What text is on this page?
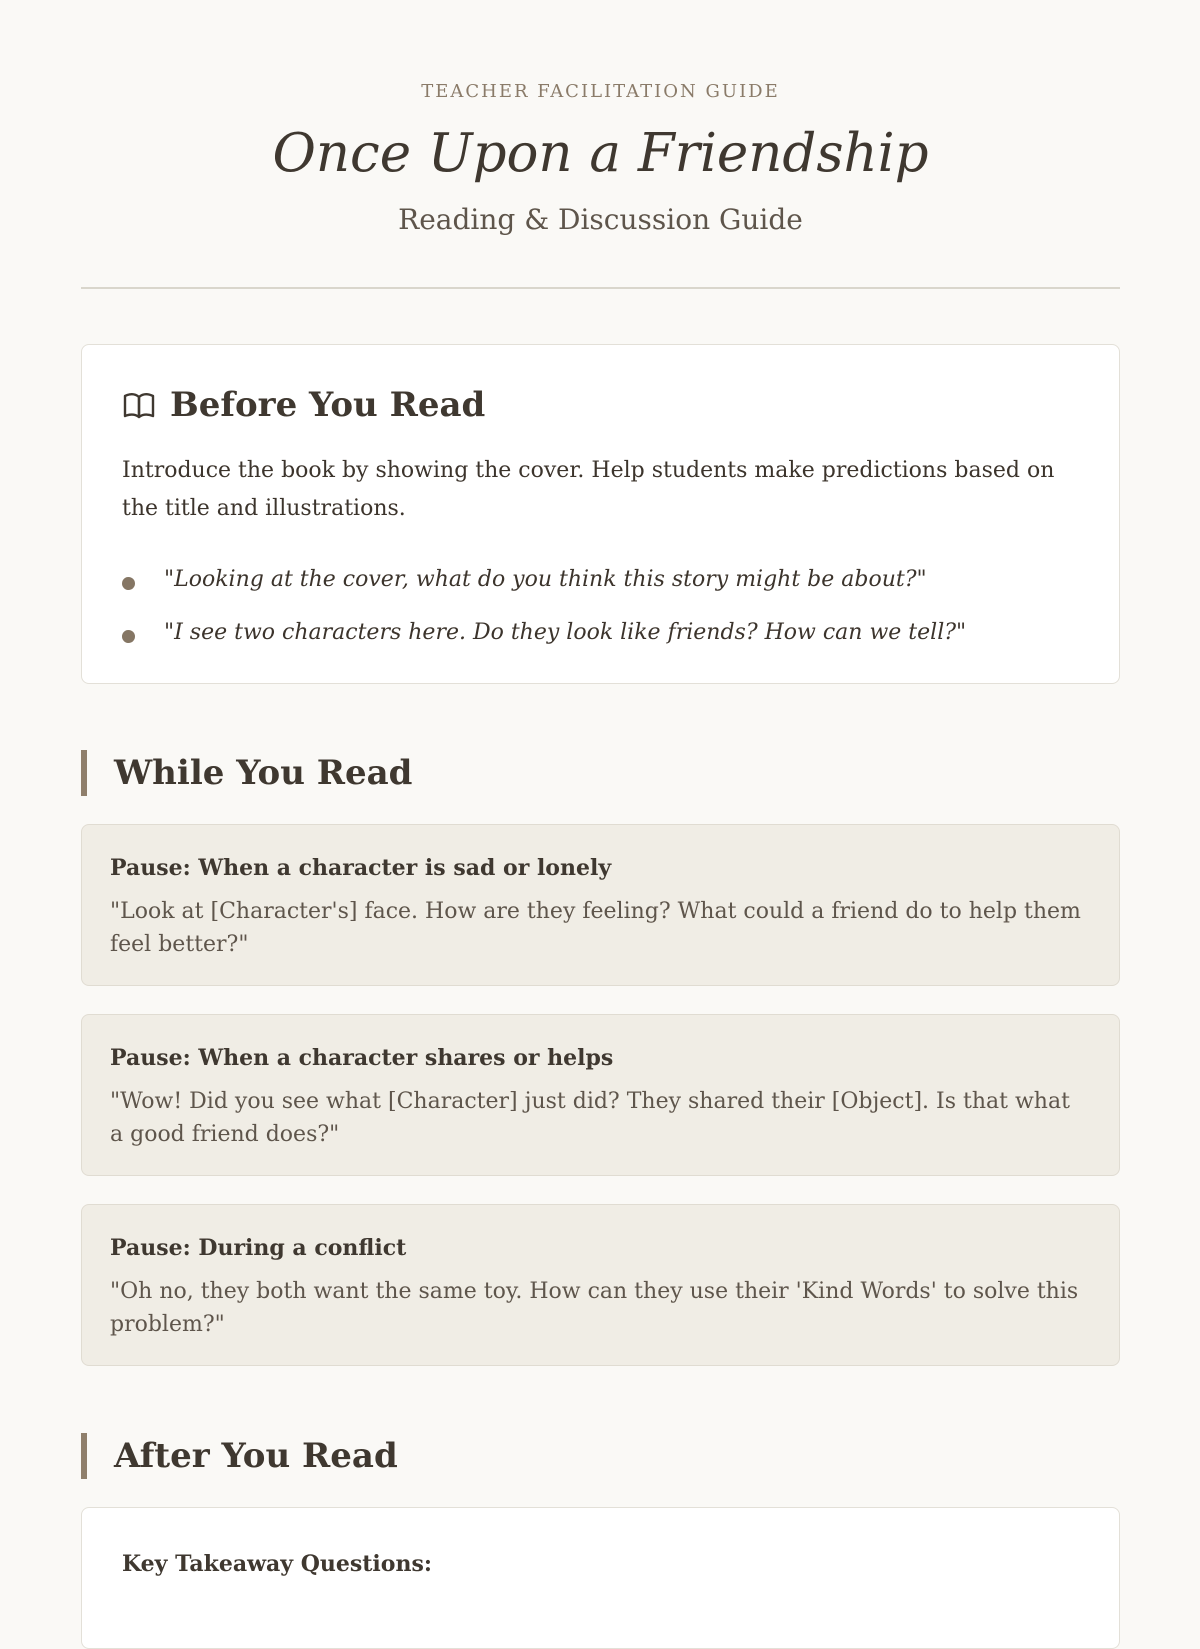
TEACHER FACILITATION GUIDE
Once Upon a Friendship
Reading & Discussion Guide
Before You Read
Introduce the book by showing the cover. Help students make predictions based on the title and illustrations.
"Looking at the cover, what do you think this story might be about?"
"I see two characters here. Do they look like friends? How can we tell?"
While You Read
Pause: When a character is sad or lonely
"Look at [Character's] face. How are they feeling? What could a friend do to help them feel better?"
Pause: When a character shares or helps
"Wow! Did you see what [Character] just did? They shared their [Object]. Is that what a good friend does?"
Pause: During a conflict
"Oh no, they both want the same toy. How can they use their 'Kind Words' to solve this problem?"
After You Read
Key Takeaway Questions:
